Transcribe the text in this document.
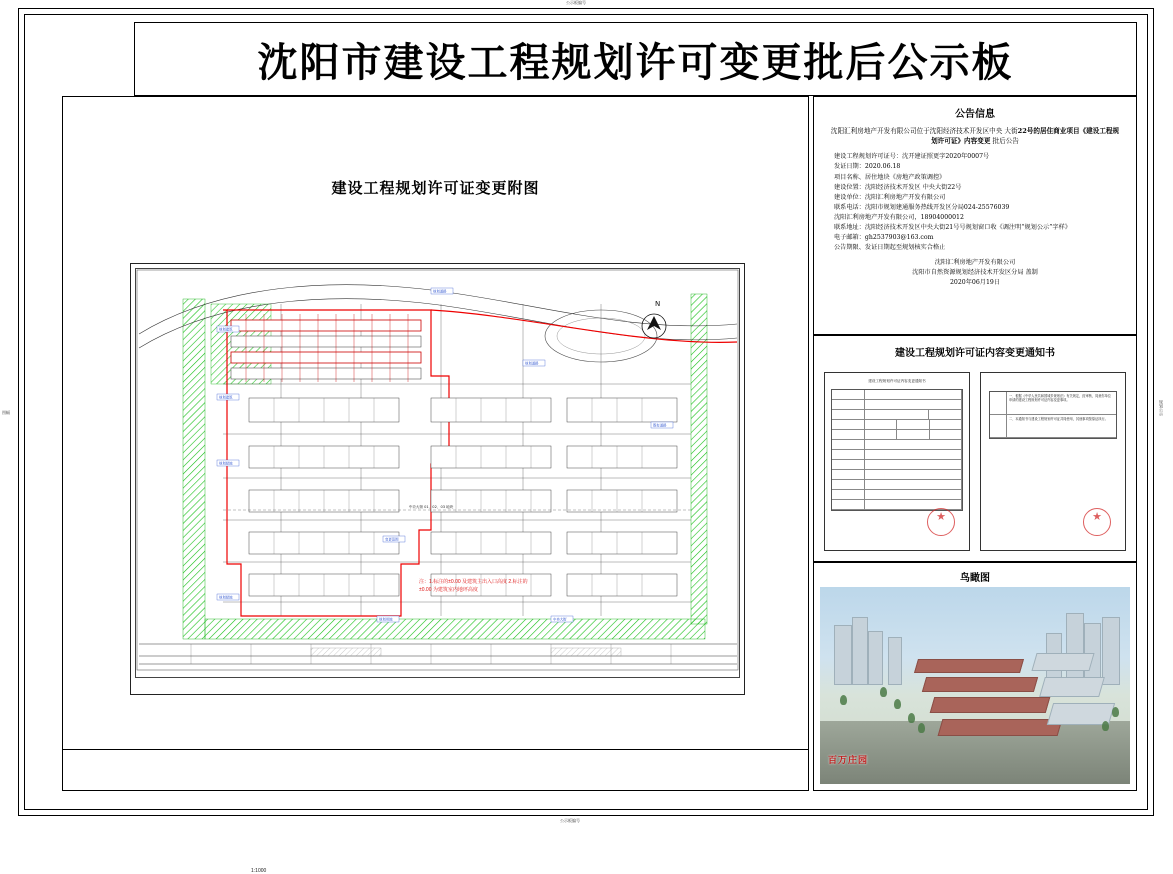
公示板编号
公示板编号
图幅	规划公示
沈阳市建设工程规划许可变更批后公示板
建设工程规划许可证变更附图
规划建筑
规划建筑
规划绿地
规划道路
规划道路
既有道路
变更范围
规划用地	中央大街
规划绿地
中央大街 01、02、03 地块
N
1:1000
注：1.标注的±0.00 及建筑主出入口高度 2.标注的±0.00 为建筑室内地坪高度
公告信息
沈阳汇利房地产开发有限公司位于沈阳经济技术开发区中央 大街22号的居住商业项目《建设工程规划许可证》内容变更 批后公告
建设工程规划许可证号：沈开建证照更字2020年0007号
发证日期：2020.06.18
项目名称、居住地块《房地产政策调控》
建设位置：沈阳经济技术开发区 中央大街22号
建设单位：沈阳汇利房地产开发有限公司
联系电话：沈阳市规划建通服务热线开发区分局024-25576039
沈阳汇利房地产开发有限公司，18904000012
联系地址：沈阳经济技术开发区中央大街21号号规划窗口收《调注明“规划公示”字样》
电子邮箱：gh2537903@163.com
公告期限、发证日期起至规划核实合格止
沈阳汇利房地产开发有限公司
沈阳市自然资源规划经济技术开发区分局 盖制
2020年06月19日
建设工程规划许可证内容变更通知书
建设工程规划许可证内容变更通知书
★
一、根据《中华人民共和国城乡规划法》有关规定，经审核，同意你单位申请的建设工程规划许可证内容变更事项。
二、本通知书与建设工程规划许可证共同使用，其他事项按原证执行。
★
鸟瞰图
百万庄园
